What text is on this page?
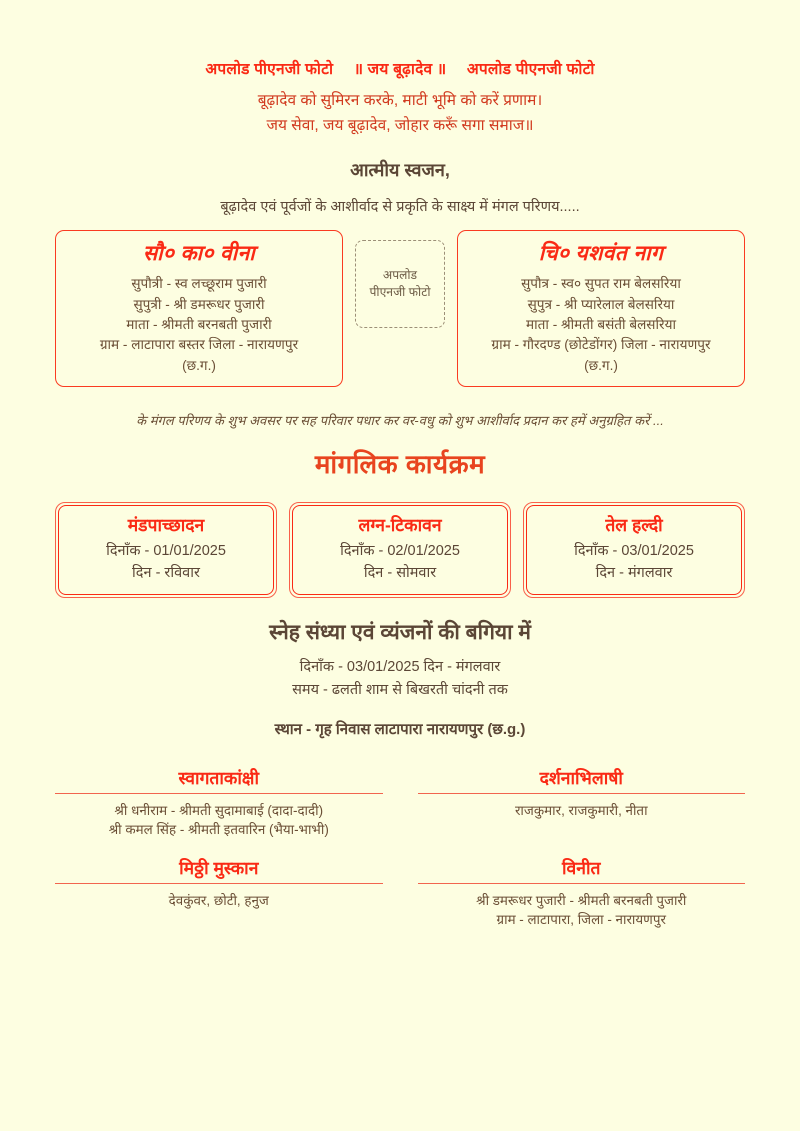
अपलोड पीएनजी फोटो ॥ जय बूढ़ादेव ॥ अपलोड पीएनजी फोटो
बूढ़ादेव को सुमिरन करके, माटी भूमि को करें प्रणाम।
जय सेवा, जय बूढ़ादेव, जोहार करूँ सगा समाज॥
आत्मीय स्वजन,
बूढ़ादेव एवं पूर्वजों के आशीर्वाद से प्रकृति के साक्ष्य में मंगल परिणय.....
सौ० का० वीना
सुपौत्री - स्व लच्छूराम पुजारी
सुपुत्री - श्री डमरूधर पुजारी
माता - श्रीमती बरनबती पुजारी
ग्राम - लाटापारा बस्तर जिला - नारायणपुर
(छ.ग.)
अपलोड
पीएनजी फोटो
चि० यशवंत नाग
सुपौत्र - स्व० सुपत राम बेलसरिया
सुपुत्र - श्री प्यारेलाल बेलसरिया
माता - श्रीमती बसंती बेलसरिया
ग्राम - गौरदण्ड (छोटेडोंगर) जिला - नारायणपुर
(छ.ग.)
के मंगल परिणय के शुभ अवसर पर सह परिवार पधार कर वर-वधु को शुभ आशीर्वाद प्रदान कर हमें अनुग्रहित करें ...
मांगलिक कार्यक्रम
मंडपाच्छादन
दिनाँक - 01/01/2025
दिन - रविवार
लग्न-टिकावन
दिनाँक - 02/01/2025
दिन - सोमवार
तेल हल्दी
दिनाँक - 03/01/2025
दिन - मंगलवार
स्नेह संध्या एवं व्यंजनों की बगिया में
दिनाँक - 03/01/2025 दिन - मंगलवार
समय - ढलती शाम से बिखरती चांदनी तक
स्थान - गृह निवास लाटापारा नारायणपुर (छ.g.)
स्वागताकांक्षी
श्री धनीराम - श्रीमती सुदामाबाई (दादा-दादी)
श्री कमल सिंह - श्रीमती इतवारिन (भैया-भाभी)
दर्शनाभिलाषी
राजकुमार, राजकुमारी, नीता
मिठ्ठी मुस्कान
देवकुंवर, छोटी, हनुज
विनीत
श्री डमरूधर पुजारी - श्रीमती बरनबती पुजारी
ग्राम - लाटापारा, जिला - नारायणपुर
